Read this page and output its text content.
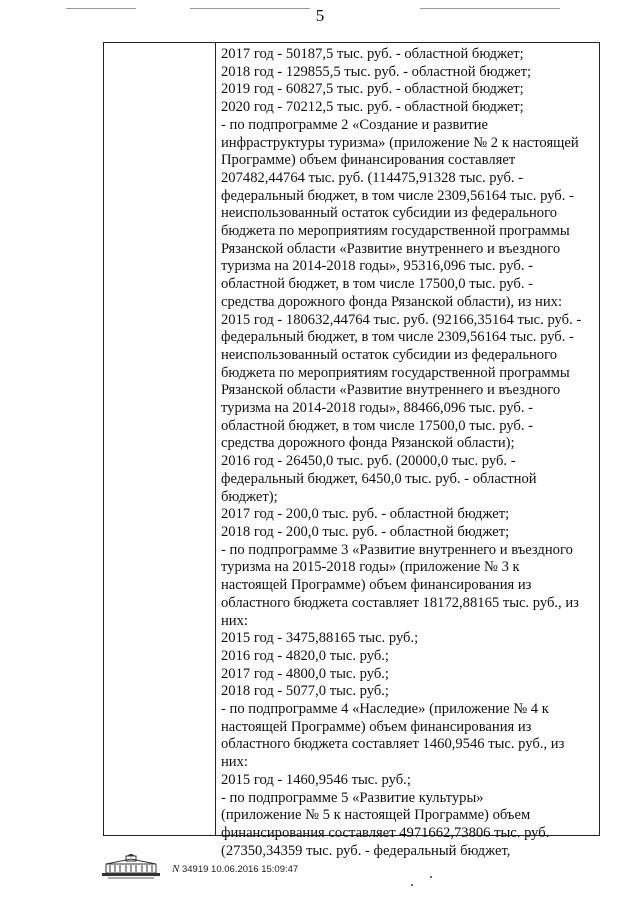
5
2017 год - 50187,5 тыс. руб. - областной бюджет;
2018 год - 129855,5 тыс. руб. - областной бюджет;
2019 год - 60827,5 тыс. руб. - областной бюджет;
2020 год - 70212,5 тыс. руб. - областной бюджет;
- по подпрограмме 2 «Создание и развитие
инфраструктуры туризма» (приложение № 2 к настоящей
Программе) объем финансирования составляет
207482,44764 тыс. руб. (114475,91328 тыс. руб. -
федеральный бюджет, в том числе 2309,56164 тыс. руб. -
неиспользованный остаток субсидии из федерального
бюджета по мероприятиям государственной программы
Рязанской области «Развитие внутреннего и въездного
туризма на 2014-2018 годы», 95316,096 тыс. руб. -
областной бюджет, в том числе 17500,0 тыс. руб. -
средства дорожного фонда Рязанской области), из них:
2015 год - 180632,44764 тыс. руб. (92166,35164 тыс. руб. -
федеральный бюджет, в том числе 2309,56164 тыс. руб. -
неиспользованный остаток субсидии из федерального
бюджета по мероприятиям государственной программы
Рязанской области «Развитие внутреннего и въездного
туризма на 2014-2018 годы», 88466,096 тыс. руб. -
областной бюджет, в том числе 17500,0 тыс. руб. -
средства дорожного фонда Рязанской области);
2016 год - 26450,0 тыс. руб. (20000,0 тыс. руб. -
федеральный бюджет, 6450,0 тыс. руб. - областной
бюджет);
2017 год - 200,0 тыс. руб. - областной бюджет;
2018 год - 200,0 тыс. руб. - областной бюджет;
- по подпрограмме 3 «Развитие внутреннего и въездного
туризма на 2015-2018 годы» (приложение № 3 к
настоящей Программе) объем финансирования из
областного бюджета составляет 18172,88165 тыс. руб., из
них:
2015 год - 3475,88165 тыс. руб.;
2016 год - 4820,0 тыс. руб.;
2017 год - 4800,0 тыс. руб.;
2018 год - 5077,0 тыс. руб.;
- по подпрограмме 4 «Наследие» (приложение № 4 к
настоящей Программе) объем финансирования из
областного бюджета составляет 1460,9546 тыс. руб., из
них:
2015 год - 1460,9546 тыс. руб.;
- по подпрограмме 5 «Развитие культуры»
(приложение № 5 к настоящей Программе) объем
финансирования составляет 4971662,73806 тыс. руб.
(27350,34359 тыс. руб. - федеральный бюджет,
N 34919 10.06.2016 15:09:47
